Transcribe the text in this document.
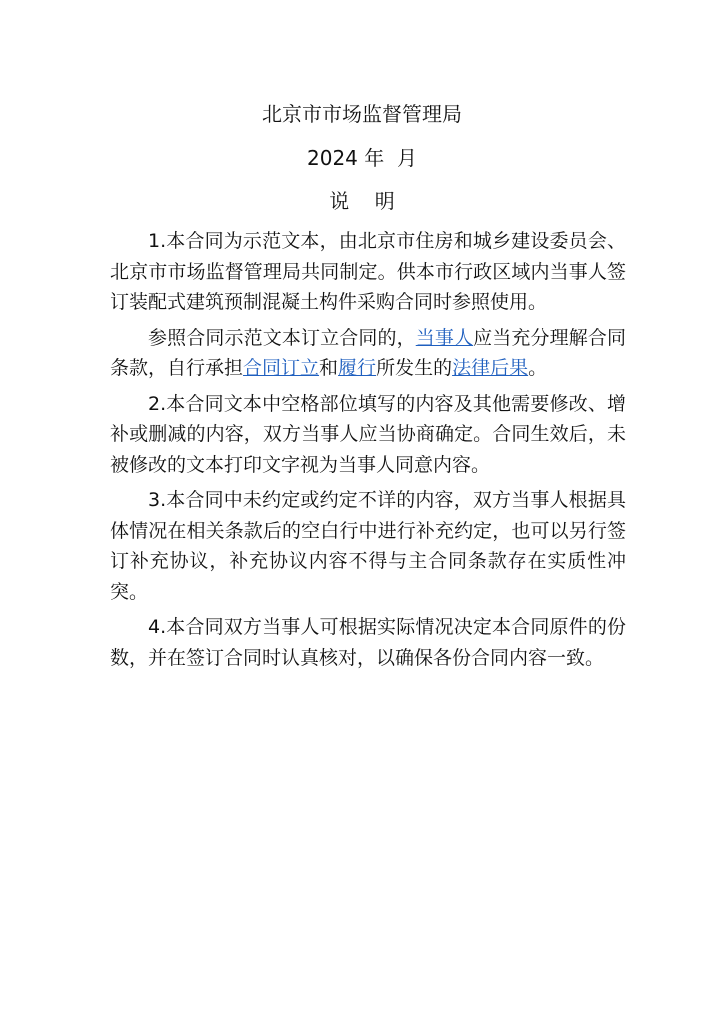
北京市市场监督管理局
2024 年  月
说    明

1.本合同为示范文本，由北京市住房和城乡建设委员会、北京市市场监督管理局共同制定。供本市行政区域内当事人签订装配式建筑预制混凝土构件采购合同时参照使用。

参照合同示范文本订立合同的，当事人应当充分理解合同条款，自行承担合同订立和履行所发生的法律后果。

2.本合同文本中空格部位填写的内容及其他需要修改、增补或删减的内容，双方当事人应当协商确定。合同生效后，未被修改的文本打印文字视为当事人同意内容。

3.本合同中未约定或约定不详的内容，双方当事人根据具体情况在相关条款后的空白行中进行补充约定，也可以另行签订补充协议，补充协议内容不得与主合同条款存在实质性冲突。

4.本合同双方当事人可根据实际情况决定本合同原件的份数，并在签订合同时认真核对，以确保各份合同内容一致。
